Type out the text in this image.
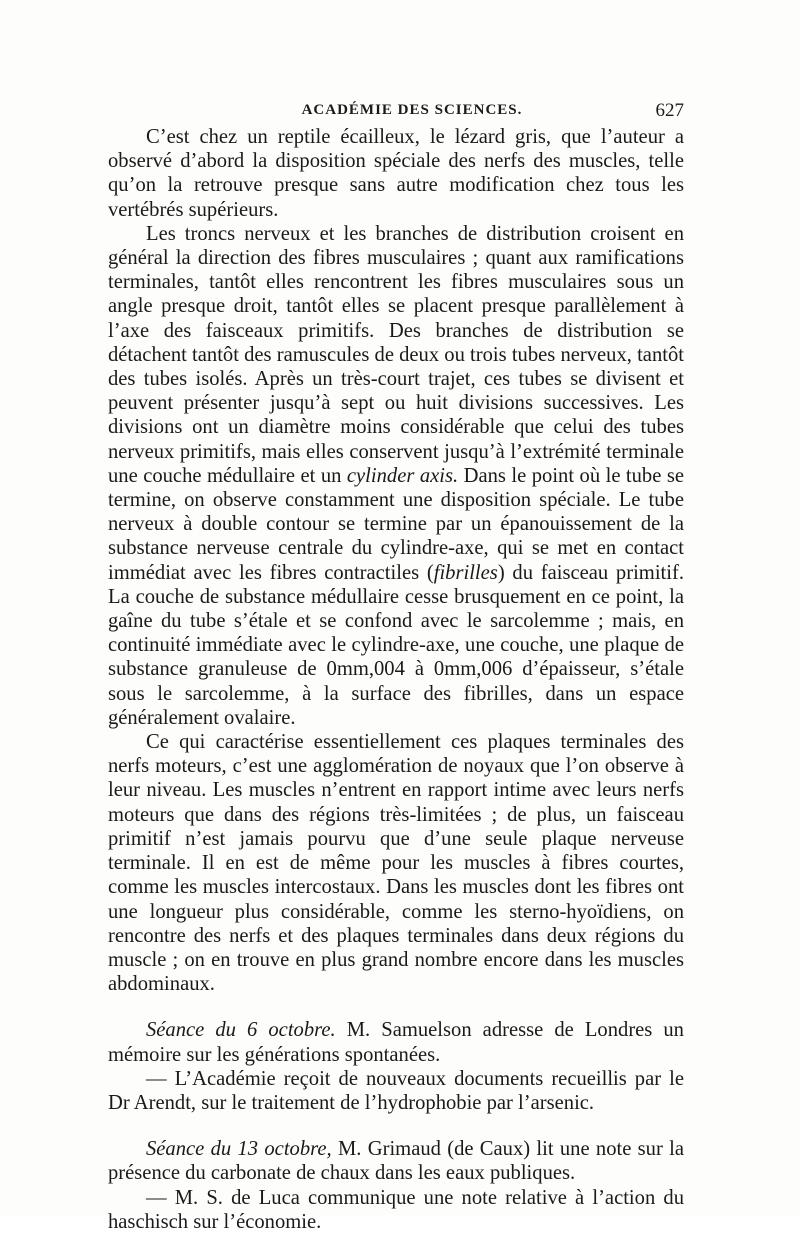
ACADÉMIE DES SCIENCES.	627

C’est chez un reptile écailleux, le lézard gris, que l’auteur a observé d’abord la disposition spéciale des nerfs des muscles, telle qu’on la retrouve presque sans autre modification chez tous les vertébrés supérieurs.

Les troncs nerveux et les branches de distribution croisent en général la direction des fibres musculaires ; quant aux ramifications terminales, tantôt elles rencontrent les fibres musculaires sous un angle presque droit, tantôt elles se placent presque parallèlement à l’axe des faisceaux primitifs. Des branches de distribution se détachent tantôt des ramuscules de deux ou trois tubes nerveux, tantôt des tubes isolés. Après un très-court trajet, ces tubes se divisent et peuvent présenter jusqu’à sept ou huit divisions successives. Les divisions ont un diamètre moins considérable que celui des tubes nerveux primitifs, mais elles conservent jusqu’à l’extrémité terminale une couche médullaire et un cylinder axis. Dans le point où le tube se termine, on observe constamment une disposition spéciale. Le tube nerveux à double contour se termine par un épanouissement de la substance nerveuse centrale du cylindre-axe, qui se met en contact immédiat avec les fibres contractiles (fibrilles) du faisceau primitif. La couche de substance médullaire cesse brusquement en ce point, la gaîne du tube s’étale et se confond avec le sarcolemme ; mais, en continuité immédiate avec le cylindre-axe, une couche, une plaque de substance granuleuse de 0mm,004 à 0mm,006 d’épaisseur, s’étale sous le sarcolemme, à la surface des fibrilles, dans un espace généralement ovalaire.

Ce qui caractérise essentiellement ces plaques terminales des nerfs moteurs, c’est une agglomération de noyaux que l’on observe à leur niveau. Les muscles n’entrent en rapport intime avec leurs nerfs moteurs que dans des régions très-limitées ; de plus, un faisceau primitif n’est jamais pourvu que d’une seule plaque nerveuse terminale. Il en est de même pour les muscles à fibres courtes, comme les muscles intercostaux. Dans les muscles dont les fibres ont une longueur plus considérable, comme les sterno-hyoïdiens, on rencontre des nerfs et des plaques terminales dans deux régions du muscle ; on en trouve en plus grand nombre encore dans les muscles abdominaux.

Séance du 6 octobre. M. Samuelson adresse de Londres un mémoire sur les générations spontanées.

— L’Académie reçoit de nouveaux documents recueillis par le Dr Arendt, sur le traitement de l’hydrophobie par l’arsenic.

Séance du 13 octobre, M. Grimaud (de Caux) lit une note sur la présence du carbonate de chaux dans les eaux publiques.

— M. S. de Luca communique une note relative à l’action du haschisch sur l’économie.
